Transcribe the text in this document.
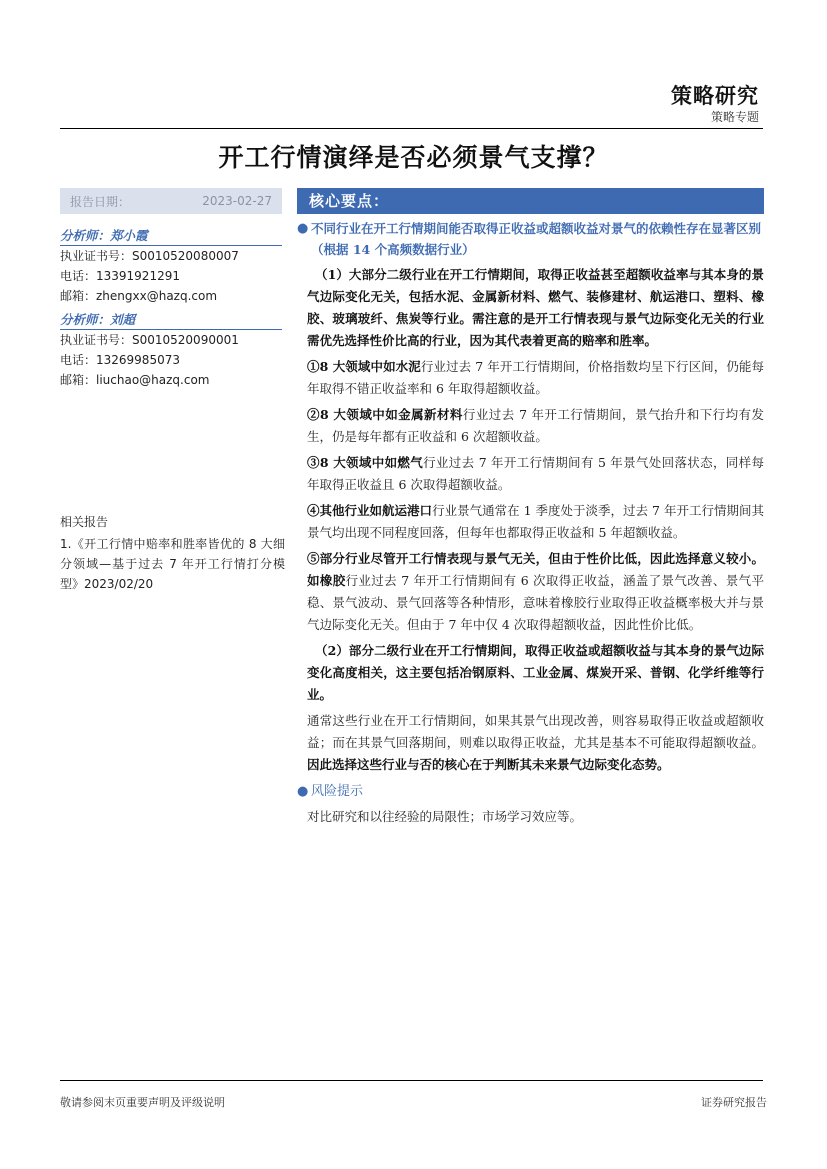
策略研究
策略专题
开工行情演绎是否必须景气支撑？
报告日期：	2023-02-27
分析师：郑小霞
执业证书号：S0010520080007
电话：13391921291
邮箱：zhengxx@hazq.com
分析师：刘超
执业证书号：S0010520090001
电话：13269985073
邮箱：liuchao@hazq.com
相关报告
1.《开工行情中赔率和胜率皆优的 8 大细分领域—基于过去 7 年开工行情打分模型》2023/02/20
核心要点：
● 不同行业在开工行情期间能否取得正收益或超额收益对景气的依赖性存在显著区别（根据 14 个高频数据行业）
（1）大部分二级行业在开工行情期间，取得正收益甚至超额收益率与其本身的景气边际变化无关，包括水泥、金属新材料、燃气、装修建材、航运港口、塑料、橡胶、玻璃玻纤、焦炭等行业。需注意的是开工行情表现与景气边际变化无关的行业需优先选择性价比高的行业，因为其代表着更高的赔率和胜率。
①8 大领域中如水泥行业过去 7 年开工行情期间，价格指数均呈下行区间，仍能每年取得不错正收益率和 6 年取得超额收益。
②8 大领域中如金属新材料行业过去 7 年开工行情期间，景气抬升和下行均有发生，仍是每年都有正收益和 6 次超额收益。
③8 大领域中如燃气行业过去 7 年开工行情期间有 5 年景气处回落状态，同样每年取得正收益且 6 次取得超额收益。
④其他行业如航运港口行业景气通常在 1 季度处于淡季，过去 7 年开工行情期间其景气均出现不同程度回落，但每年也都取得正收益和 5 年超额收益。
⑤部分行业尽管开工行情表现与景气无关，但由于性价比低，因此选择意义较小。如橡胶行业过去 7 年开工行情期间有 6 次取得正收益，涵盖了景气改善、景气平稳、景气波动、景气回落等各种情形，意味着橡胶行业取得正收益概率极大并与景气边际变化无关。但由于 7 年中仅 4 次取得超额收益，因此性价比低。
（2）部分二级行业在开工行情期间，取得正收益或超额收益与其本身的景气边际变化高度相关，这主要包括冶钢原料、工业金属、煤炭开采、普钢、化学纤维等行业。
通常这些行业在开工行情期间，如果其景气出现改善，则容易取得正收益或超额收益；而在其景气回落期间，则难以取得正收益，尤其是基本不可能取得超额收益。因此选择这些行业与否的核心在于判断其未来景气边际变化态势。
● 风险提示
对比研究和以往经验的局限性；市场学习效应等。
敬请参阅末页重要声明及评级说明	证券研究报告
